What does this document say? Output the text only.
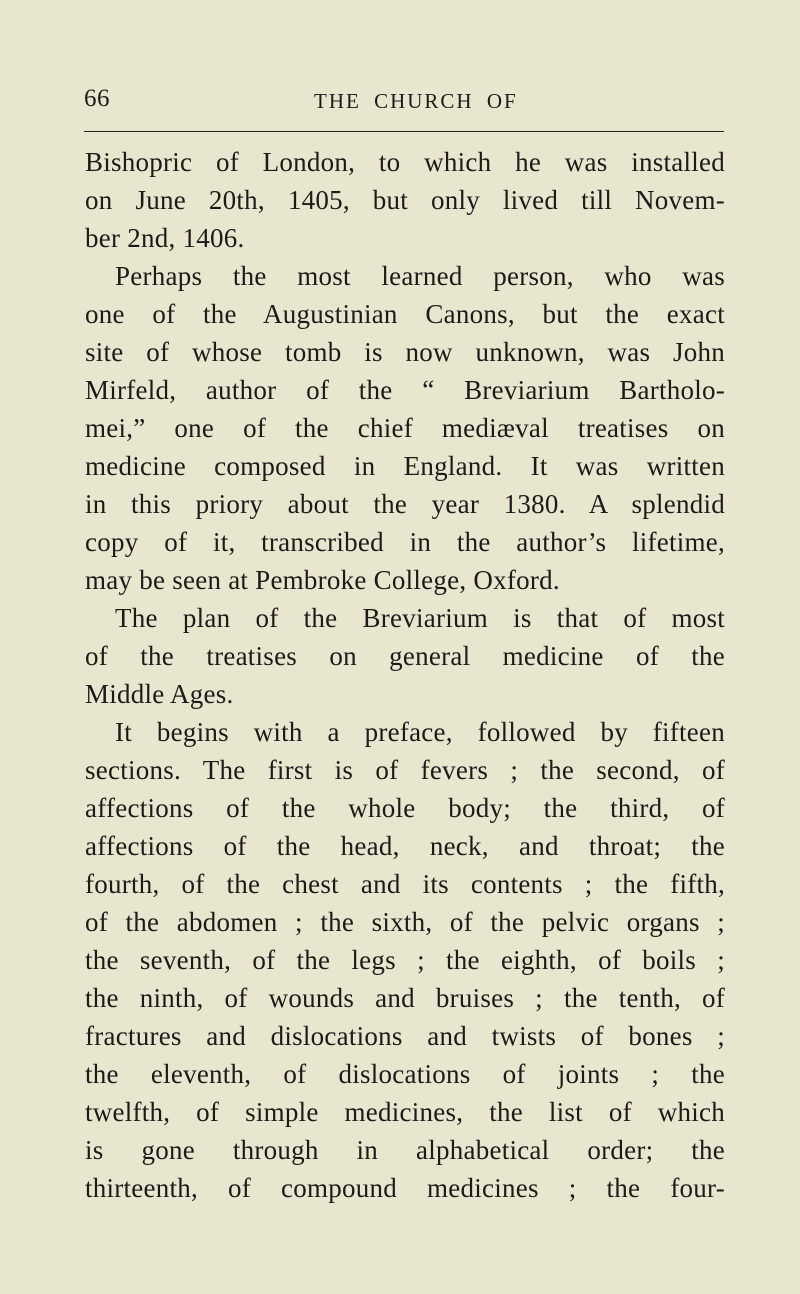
66	THE CHURCH OF
Bishopric of London, to which he was installed
on June 20th, 1405, but only lived till Novem-
ber 2nd, 1406.
Perhaps the most learned person, who was
one of the Augustinian Canons, but the exact
site of whose tomb is now unknown, was John
Mirfeld, author of the “ Breviarium Bartholo-
mei,” one of the chief mediæval treatises on
medicine composed in England. It was written
in this priory about the year 1380. A splendid
copy of it, transcribed in the author’s lifetime,
may be seen at Pembroke College, Oxford.
The plan of the Breviarium is that of most
of the treatises on general medicine of the
Middle Ages.
It begins with a preface, followed by fifteen
sections. The first is of fevers ; the second, of
affections of the whole body; the third, of
affections of the head, neck, and throat; the
fourth, of the chest and its contents ; the fifth,
of the abdomen ; the sixth, of the pelvic organs ;
the seventh, of the legs ; the eighth, of boils ;
the ninth, of wounds and bruises ; the tenth, of
fractures and dislocations and twists of bones ;
the eleventh, of dislocations of joints ; the
twelfth, of simple medicines, the list of which
is gone through in alphabetical order; the
thirteenth, of compound medicines ; the four-
